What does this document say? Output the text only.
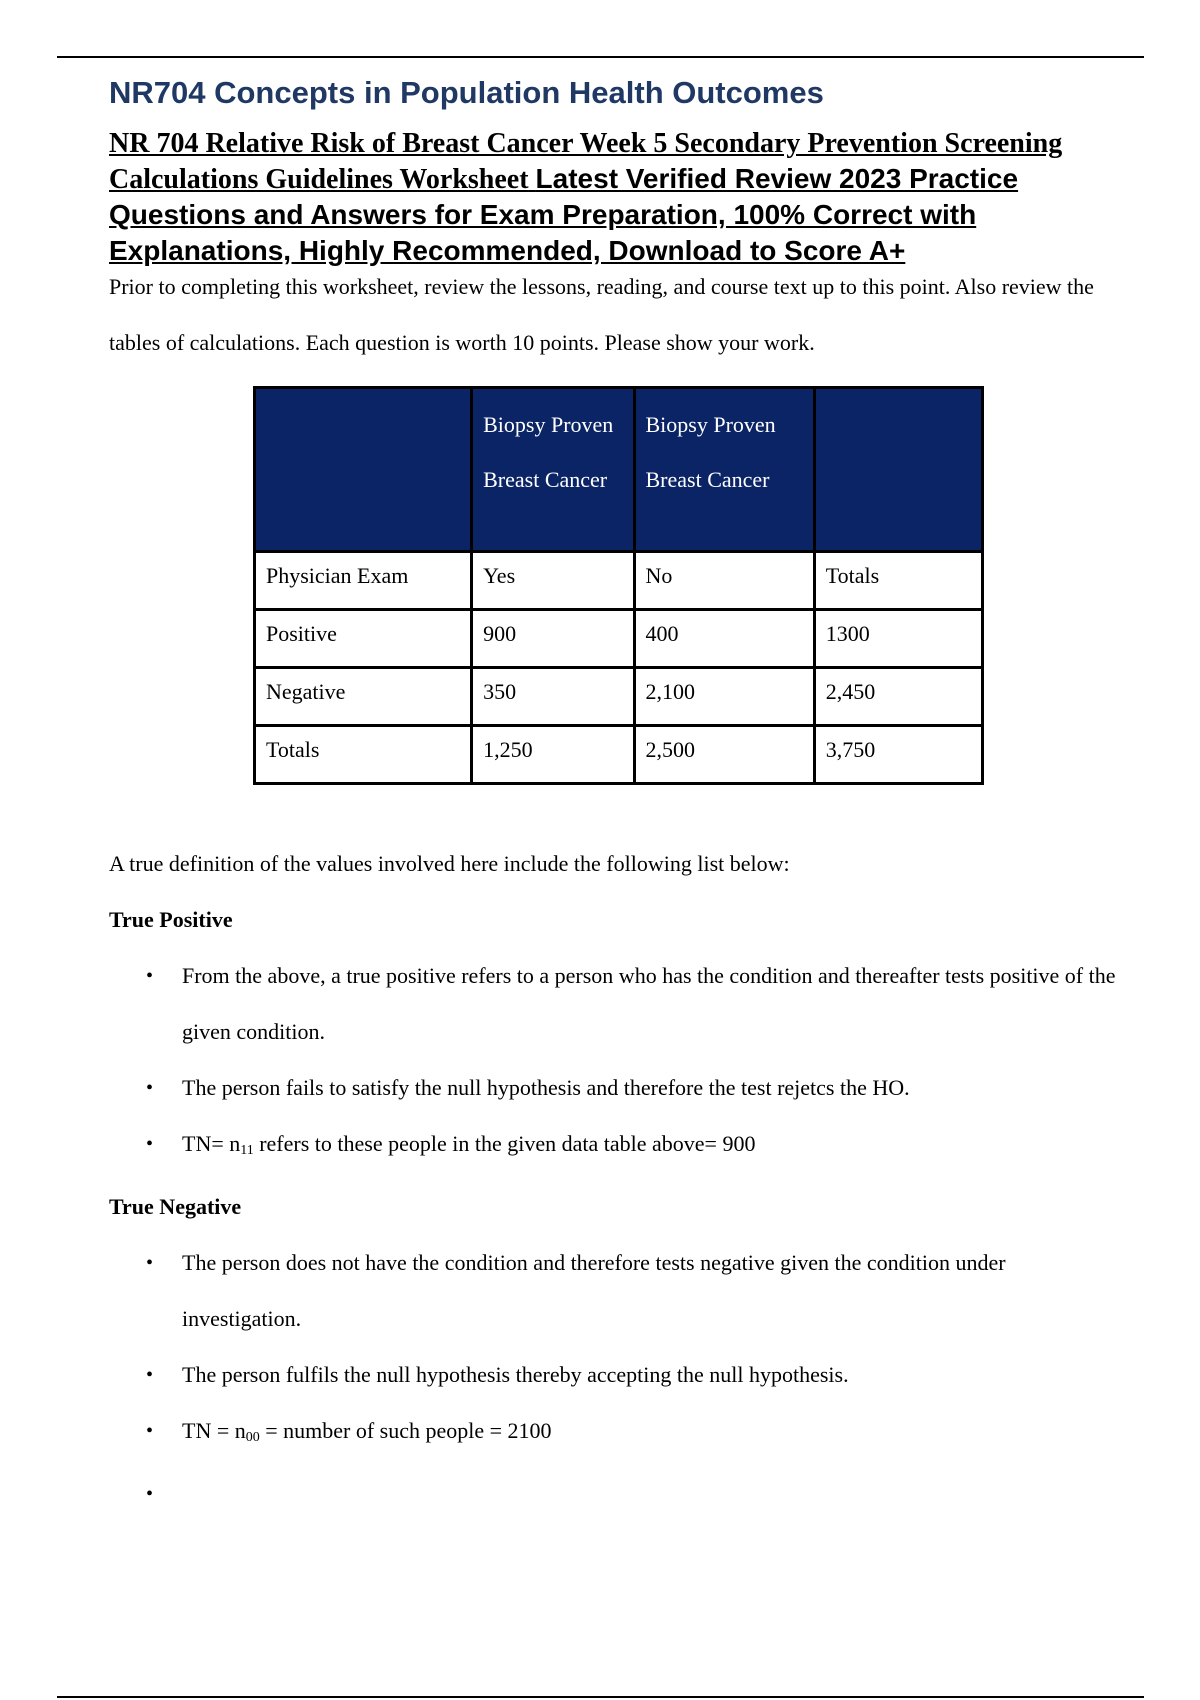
NR704 Concepts in Population Health Outcomes
NR 704 Relative Risk of Breast Cancer Week 5 Secondary Prevention Screening Calculations Guidelines Worksheet Latest Verified Review 2023 Practice Questions and Answers for Exam Preparation, 100% Correct with Explanations, Highly Recommended, Download to Score A+

Prior to completing this worksheet, review the lessons, reading, and course text up to this point. Also review the tables of calculations. Each question is worth 10 points. Please show your work.

	Biopsy Proven Breast Cancer	Biopsy Proven Breast Cancer	
Physician Exam	Yes	No	Totals
Positive	900	400	1300
Negative	350	2,100	2,450
Totals	1,250	2,500	3,750

A true definition of the values involved here include the following list below:

True Positive

• From the above, a true positive refers to a person who has the condition and thereafter tests positive of the given condition.
• The person fails to satisfy the null hypothesis and therefore the test rejetcs the HO.
• $TN= n_{11}$ refers to these people in the given data table above= 900

True Negative

• The person does not have the condition and therefore tests negative given the condition under investigation.
• The person fulfils the null hypothesis thereby accepting the null hypothesis.
• TN = $n_{00}$ = number of such people = 2100
•
